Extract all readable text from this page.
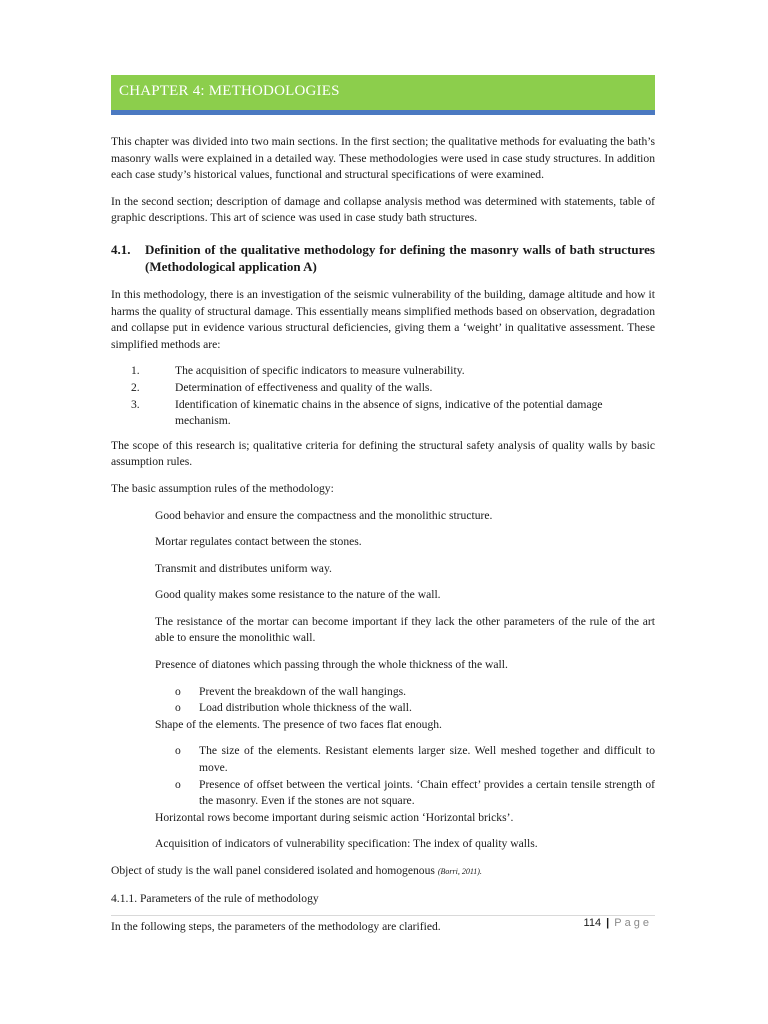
CHAPTER 4: METHODOLOGIES

This chapter was divided into two main sections. In the first section; the qualitative methods for evaluating the bath’s masonry walls were explained in a detailed way. These methodologies were used in case study structures. In addition each case study’s historical values, functional and structural specifications of were examined.

In the second section; description of damage and collapse analysis method was determined with statements, table of graphic descriptions. This art of science was used in case study bath structures.

4.1.	Definition of the qualitative methodology for defining the masonry walls of bath structures (Methodological application A)

In this methodology, there is an investigation of the seismic vulnerability of the building, damage altitude and how it harms the quality of structural damage. This essentially means simplified methods based on observation, degradation and collapse put in evidence various structural deficiencies, giving them a ‘weight’ in qualitative assessment. These simplified methods are:

1.	The acquisition of specific indicators to measure vulnerability.
2.	Determination of effectiveness and quality of the walls.
3.	Identification of kinematic chains in the absence of signs, indicative of the potential damage mechanism.

The scope of this research is; qualitative criteria for defining the structural safety analysis of quality walls by basic assumption rules.

The basic assumption rules of the methodology:

Good behavior and ensure the compactness and the monolithic structure.

Mortar regulates contact between the stones.

Transmit and distributes uniform way.

Good quality makes some resistance to the nature of the wall.

The resistance of the mortar can become important if they lack the other parameters of the rule of the art able to ensure the monolithic wall.

Presence of diatones which passing through the whole thickness of the wall.

o	Prevent the breakdown of the wall hangings.
o	Load distribution whole thickness of the wall.

Shape of the elements. The presence of two faces flat enough.

o	The size of the elements. Resistant elements larger size. Well meshed together and difficult to move.
o	Presence of offset between the vertical joints. ‘Chain effect’ provides a certain tensile strength of the masonry. Even if the stones are not square.

Horizontal rows become important during seismic action ‘Horizontal bricks’.

Acquisition of indicators of vulnerability specification: The index of quality walls.

Object of study is the wall panel considered isolated and homogenous (Borri, 2011).

4.1.1. Parameters of the rule of methodology

In the following steps, the parameters of the methodology are clarified.	114 | Page
